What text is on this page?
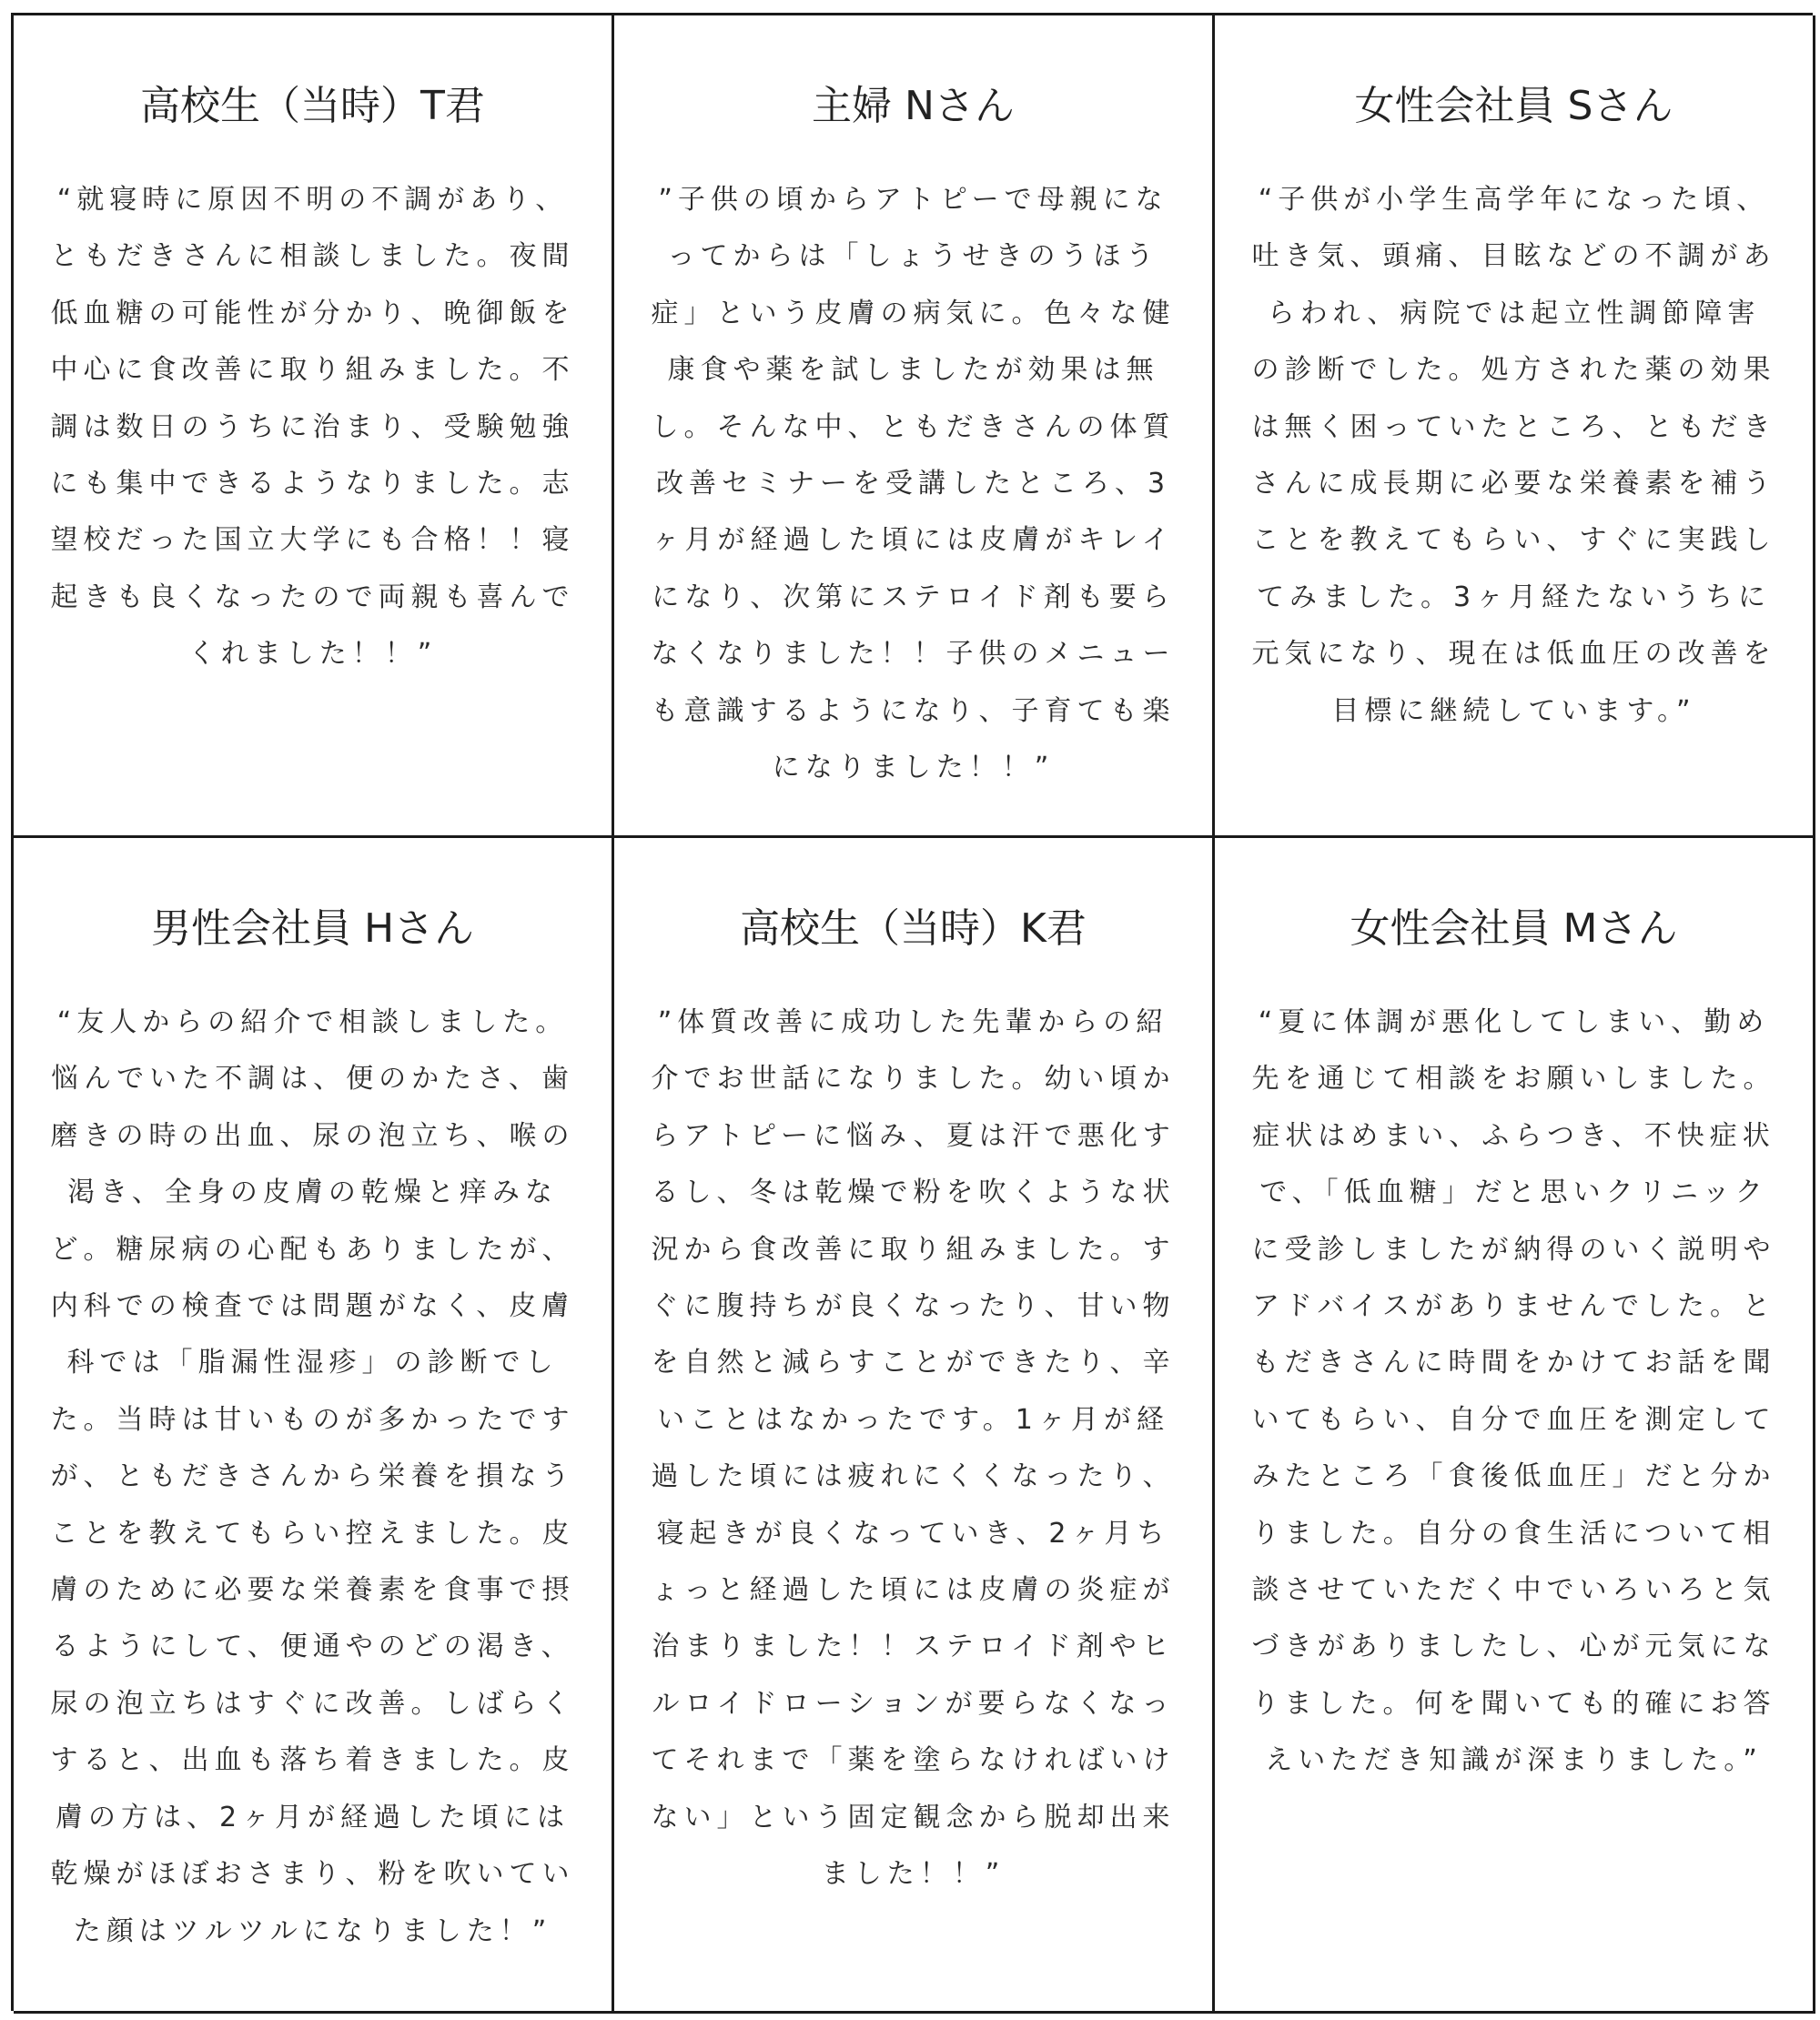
高校生（当時）T君

“就寝時に原因不明の不調があり、ともだきさんに相談しました。夜間低血糖の可能性が分かり、晩御飯を中心に食改善に取り組みました。不調は数日のうちに治まり、受験勉強にも集中できるようなりました。志望校だった国立大学にも合格！！寝起きも良くなったので両親も喜んでくれました！！”

主婦 Nさん

”子供の頃からアトピーで母親になってからは「しょうせきのうほう症」という皮膚の病気に。色々な健康食や薬を試しましたが効果は無し。そんな中、ともだきさんの体質改善セミナーを受講したところ、3ヶ月が経過した頃には皮膚がキレイになり、次第にステロイド剤も要らなくなりました！！子供のメニューも意識するようになり、子育ても楽になりました！！”

女性会社員 Sさん

“子供が小学生高学年になった頃、吐き気、頭痛、目眩などの不調があらわれ、病院では起立性調節障害の診断でした。処方された薬の効果は無く困っていたところ、ともだきさんに成長期に必要な栄養素を補うことを教えてもらい、すぐに実践してみました。3ヶ月経たないうちに元気になり、現在は低血圧の改善を目標に継続しています。”

男性会社員 Hさん

“友人からの紹介で相談しました。悩んでいた不調は、便のかたさ、歯磨きの時の出血、尿の泡立ち、喉の渇き、全身の皮膚の乾燥と痒みなど。糖尿病の心配もありましたが、内科での検査では問題がなく、皮膚科では「脂漏性湿疹」の診断でした。当時は甘いものが多かったですが、ともだきさんから栄養を損なうことを教えてもらい控えました。皮膚のために必要な栄養素を食事で摂るようにして、便通やのどの渇き、尿の泡立ちはすぐに改善。しばらくすると、出血も落ち着きました。皮膚の方は、2ヶ月が経過した頃には乾燥がほぼおさまり、粉を吹いていた顔はツルツルになりました！”

高校生（当時）K君

”体質改善に成功した先輩からの紹介でお世話になりました。幼い頃からアトピーに悩み、夏は汗で悪化するし、冬は乾燥で粉を吹くような状況から食改善に取り組みました。すぐに腹持ちが良くなったり、甘い物を自然と減らすことができたり、辛いことはなかったです。1ヶ月が経過した頃には疲れにくくなったり、寝起きが良くなっていき、2ヶ月ちょっと経過した頃には皮膚の炎症が治まりました！！ステロイド剤やヒルロイドローションが要らなくなってそれまで「薬を塗らなければいけない」という固定観念から脱却出来ました！！”

女性会社員 Mさん

“夏に体調が悪化してしまい、勤め先を通じて相談をお願いしました。症状はめまい、ふらつき、不快症状で、「低血糖」だと思いクリニックに受診しましたが納得のいく説明やアドバイスがありませんでした。ともだきさんに時間をかけてお話を聞いてもらい、自分で血圧を測定してみたところ「食後低血圧」だと分かりました。自分の食生活について相談させていただく中でいろいろと気づきがありましたし、心が元気になりました。何を聞いても的確にお答えいただき知識が深まりました。”
